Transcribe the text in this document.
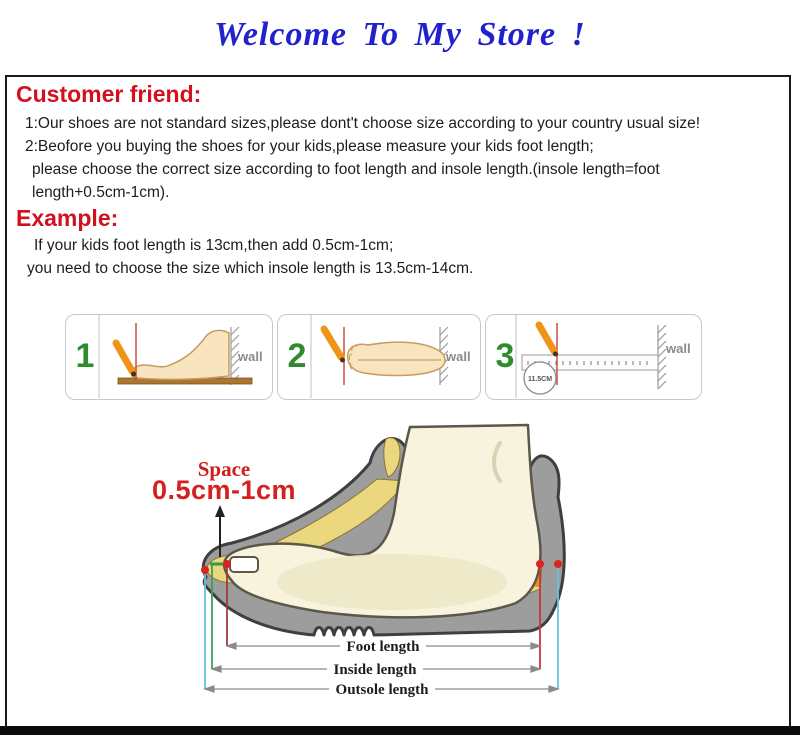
Welcome To My Store !
Customer friend:
1:Our shoes are not standard sizes,please dont't choose size according to your country usual size!
2:Beofore you buying the shoes for your kids,please measure your kids foot length;
please choose the correct size according to foot length and insole length.(insole length=foot
length+0.5cm-1cm).
Example:
If your kids foot length is 13cm,then add 0.5cm-1cm;
you need to choose the size which insole length is 13.5cm-14cm.
1	wall 2	wall
11.5CM
3	wall
Space
0.5cm-1cm
Foot length
Inside length
Outsole length
